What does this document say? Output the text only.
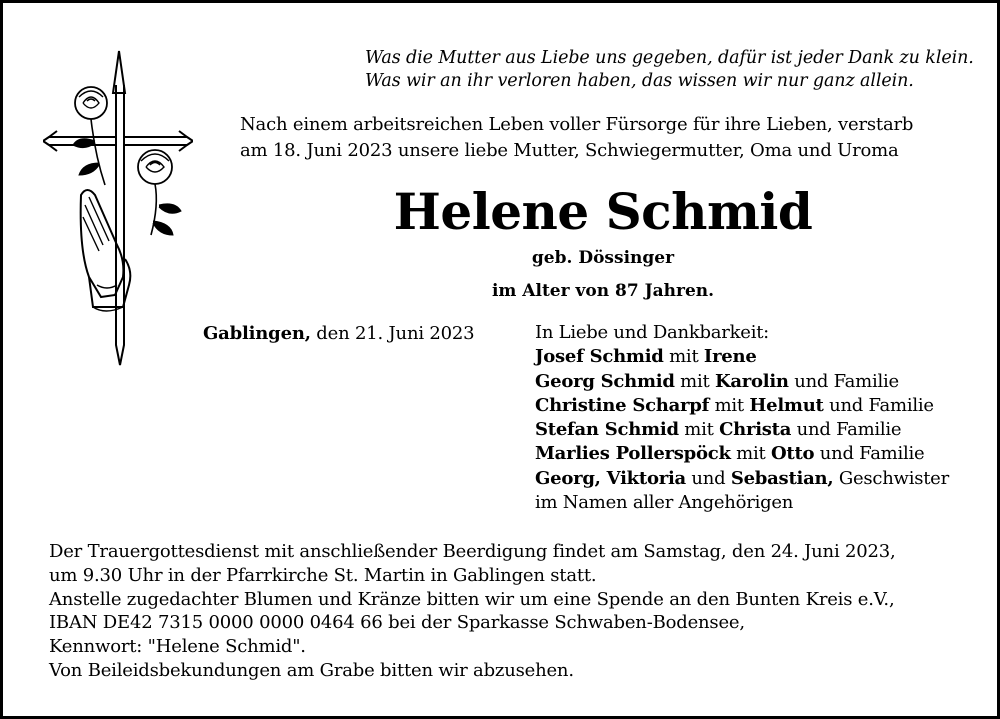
Was die Mutter aus Liebe uns gegeben, dafür ist jeder Dank zu klein.
Was wir an ihr verloren haben, das wissen wir nur ganz allein.
Nach einem arbeitsreichen Leben voller Fürsorge für ihre Lieben, verstarb
am 18. Juni 2023 unsere liebe Mutter, Schwiegermutter, Oma und Uroma
Helene Schmid
geb. Dössinger
im Alter von 87 Jahren.
Gablingen, den 21. Juni 2023	In Liebe und Dankbarkeit:
Josef Schmid mit Irene
Georg Schmid mit Karolin und Familie
Christine Scharpf mit Helmut und Familie
Stefan Schmid mit Christa und Familie
Marlies Pollerspöck mit Otto und Familie
Georg, Viktoria und Sebastian, Geschwister
im Namen aller Angehörigen
Der Trauergottesdienst mit anschließender Beerdigung findet am Samstag, den 24. Juni 2023,
um 9.30 Uhr in der Pfarrkirche St. Martin in Gablingen statt.
Anstelle zugedachter Blumen und Kränze bitten wir um eine Spende an den Bunten Kreis e.V.,
IBAN DE42 7315 0000 0000 0464 66 bei der Sparkasse Schwaben-Bodensee,
Kennwort: "Helene Schmid".
Von Beileidsbekundungen am Grabe bitten wir abzusehen.
